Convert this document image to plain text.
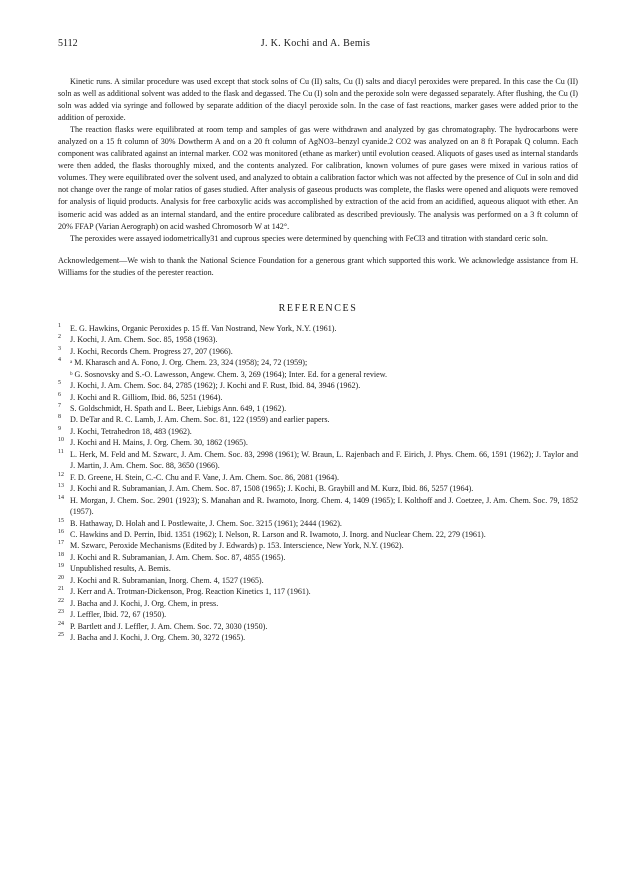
5112	J. K. Kochi and A. Bemis

Kinetic runs. A similar procedure was used except that stock solns of Cu (II) salts, Cu (I) salts and diacyl peroxides were prepared. In this case the Cu (II) soln as well as additional solvent was added to the flask and degassed. The Cu (I) soln and the peroxide soln were degassed separately. After flushing, the Cu (I) soln was added via syringe and followed by separate addition of the diacyl peroxide soln. In the case of fast reactions, marker gases were added prior to the addition of peroxide.

The reaction flasks were equilibrated at room temp and samples of gas were withdrawn and analyzed by gas chromatography. The hydrocarbons were analyzed on a 15 ft column of 30% Dowtherm A and on a 20 ft column of AgNO3–benzyl cyanide.2 CO2 was analyzed on an 8 ft Porapak Q column. Each component was calibrated against an internal marker. CO2 was monitored (ethane as marker) until evolution ceased. Aliquots of gases used as internal standards were then added, the flasks thoroughly mixed, and the contents analyzed. For calibration, known volumes of pure gases were mixed in various ratios of volumes. They were equilibrated over the solvent used, and analyzed to obtain a calibration factor which was not affected by the presence of CuI in soln and did not change over the range of molar ratios of gases studied. After analysis of gaseous products was complete, the flasks were opened and aliquots were removed for analysis of liquid products. Analysis for free carboxylic acids was accomplished by extraction of the acid from an acidified, aqueous aliquot with ether. An isomeric acid was added as an internal standard, and the entire procedure calibrated as described previously. The analysis was performed on a 3 ft column of 20% FFAP (Varian Aerograph) on acid washed Chromosorb W at 142°.

The peroxides were assayed iodometrically31 and cuprous species were determined by quenching with FeCl3 and titration with standard ceric soln.

Acknowledgement—We wish to thank the National Science Foundation for a generous grant which supported this work. We acknowledge assistance from H. Williams for the studies of the perester reaction.

REFERENCES
1 E. G. Hawkins, Organic Peroxides p. 15 ff. Van Nostrand, New York, N.Y. (1961).
2 J. Kochi, J. Am. Chem. Soc. 85, 1958 (1963).
3 J. Kochi, Records Chem. Progress 27, 207 (1966).
4 ᵃ M. Kharasch and A. Fono, J. Org. Chem. 23, 324 (1958); 24, 72 (1959);
ᵇ G. Sosnovsky and S.-O. Lawesson, Angew. Chem. 3, 269 (1964); Inter. Ed. for a general review.
5 J. Kochi, J. Am. Chem. Soc. 84, 2785 (1962); J. Kochi and F. Rust, Ibid. 84, 3946 (1962).
6 J. Kochi and R. Gilliom, Ibid. 86, 5251 (1964).
7 S. Goldschmidt, H. Spath and L. Beer, Liebigs Ann. 649, 1 (1962).
8 D. DeTar and R. C. Lamb, J. Am. Chem. Soc. 81, 122 (1959) and earlier papers.
9 J. Kochi, Tetrahedron 18, 483 (1962).
10 J. Kochi and H. Mains, J. Org. Chem. 30, 1862 (1965).
11 L. Herk, M. Feld and M. Szwarc, J. Am. Chem. Soc. 83, 2998 (1961); W. Braun, L. Rajenbach and F. Eirich, J. Phys. Chem. 66, 1591 (1962); J. Taylor and J. Martin, J. Am. Chem. Soc. 88, 3650 (1966).
12 F. D. Greene, H. Stein, C.-C. Chu and F. Vane, J. Am. Chem. Soc. 86, 2081 (1964).
13 J. Kochi and R. Subramanian, J. Am. Chem. Soc. 87, 1508 (1965); J. Kochi, B. Graybill and M. Kurz, Ibid. 86, 5257 (1964).
14 H. Morgan, J. Chem. Soc. 2901 (1923); S. Manahan and R. Iwamoto, Inorg. Chem. 4, 1409 (1965); I. Kolthoff and J. Coetzee, J. Am. Chem. Soc. 79, 1852 (1957).
15 B. Hathaway, D. Holah and I. Postlewaite, J. Chem. Soc. 3215 (1961); 2444 (1962).
16 C. Hawkins and D. Perrin, Ibid. 1351 (1962); I. Nelson, R. Larson and R. Iwamoto, J. Inorg. and Nuclear Chem. 22, 279 (1961).
17 M. Szwarc, Peroxide Mechanisms (Edited by J. Edwards) p. 153. Interscience, New York, N.Y. (1962).
18 J. Kochi and R. Subramanian, J. Am. Chem. Soc. 87, 4855 (1965).
19 Unpublished results, A. Bemis.
20 J. Kochi and R. Subramanian, Inorg. Chem. 4, 1527 (1965).
21 J. Kerr and A. Trotman-Dickenson, Prog. Reaction Kinetics 1, 117 (1961).
22 J. Bacha and J. Kochi, J. Org. Chem, in press.
23 J. Leffler, Ibid. 72, 67 (1950).
24 P. Bartlett and J. Leffler, J. Am. Chem. Soc. 72, 3030 (1950).
25 J. Bacha and J. Kochi, J. Org. Chem. 30, 3272 (1965).
